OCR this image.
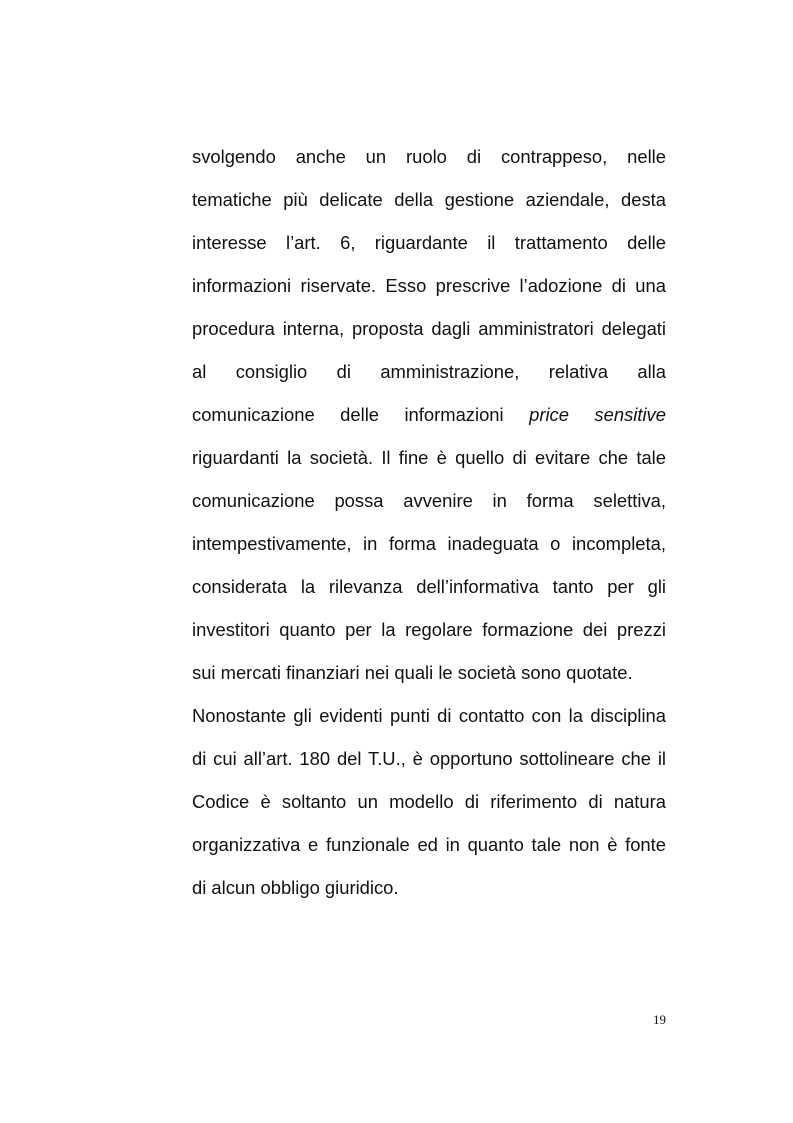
svolgendo anche un ruolo di contrappeso, nelle
tematiche più delicate della gestione aziendale, desta
interesse l’art. 6, riguardante il trattamento delle
informazioni riservate. Esso prescrive l’adozione di una
procedura interna, proposta dagli amministratori delegati
al consiglio di amministrazione, relativa alla
comunicazione delle informazioni price sensitive
riguardanti la società. Il fine è quello di evitare che tale
comunicazione possa avvenire in forma selettiva,
intempestivamente, in forma inadeguata o incompleta,
considerata la rilevanza dell’informativa tanto per gli
investitori quanto per la regolare formazione dei prezzi
sui mercati finanziari nei quali le società sono quotate.
Nonostante gli evidenti punti di contatto con la disciplina
di cui all’art. 180 del T.U., è opportuno sottolineare che il
Codice è soltanto un modello di riferimento di natura
organizzativa e funzionale ed in quanto tale non è fonte
di alcun obbligo giuridico.
19
